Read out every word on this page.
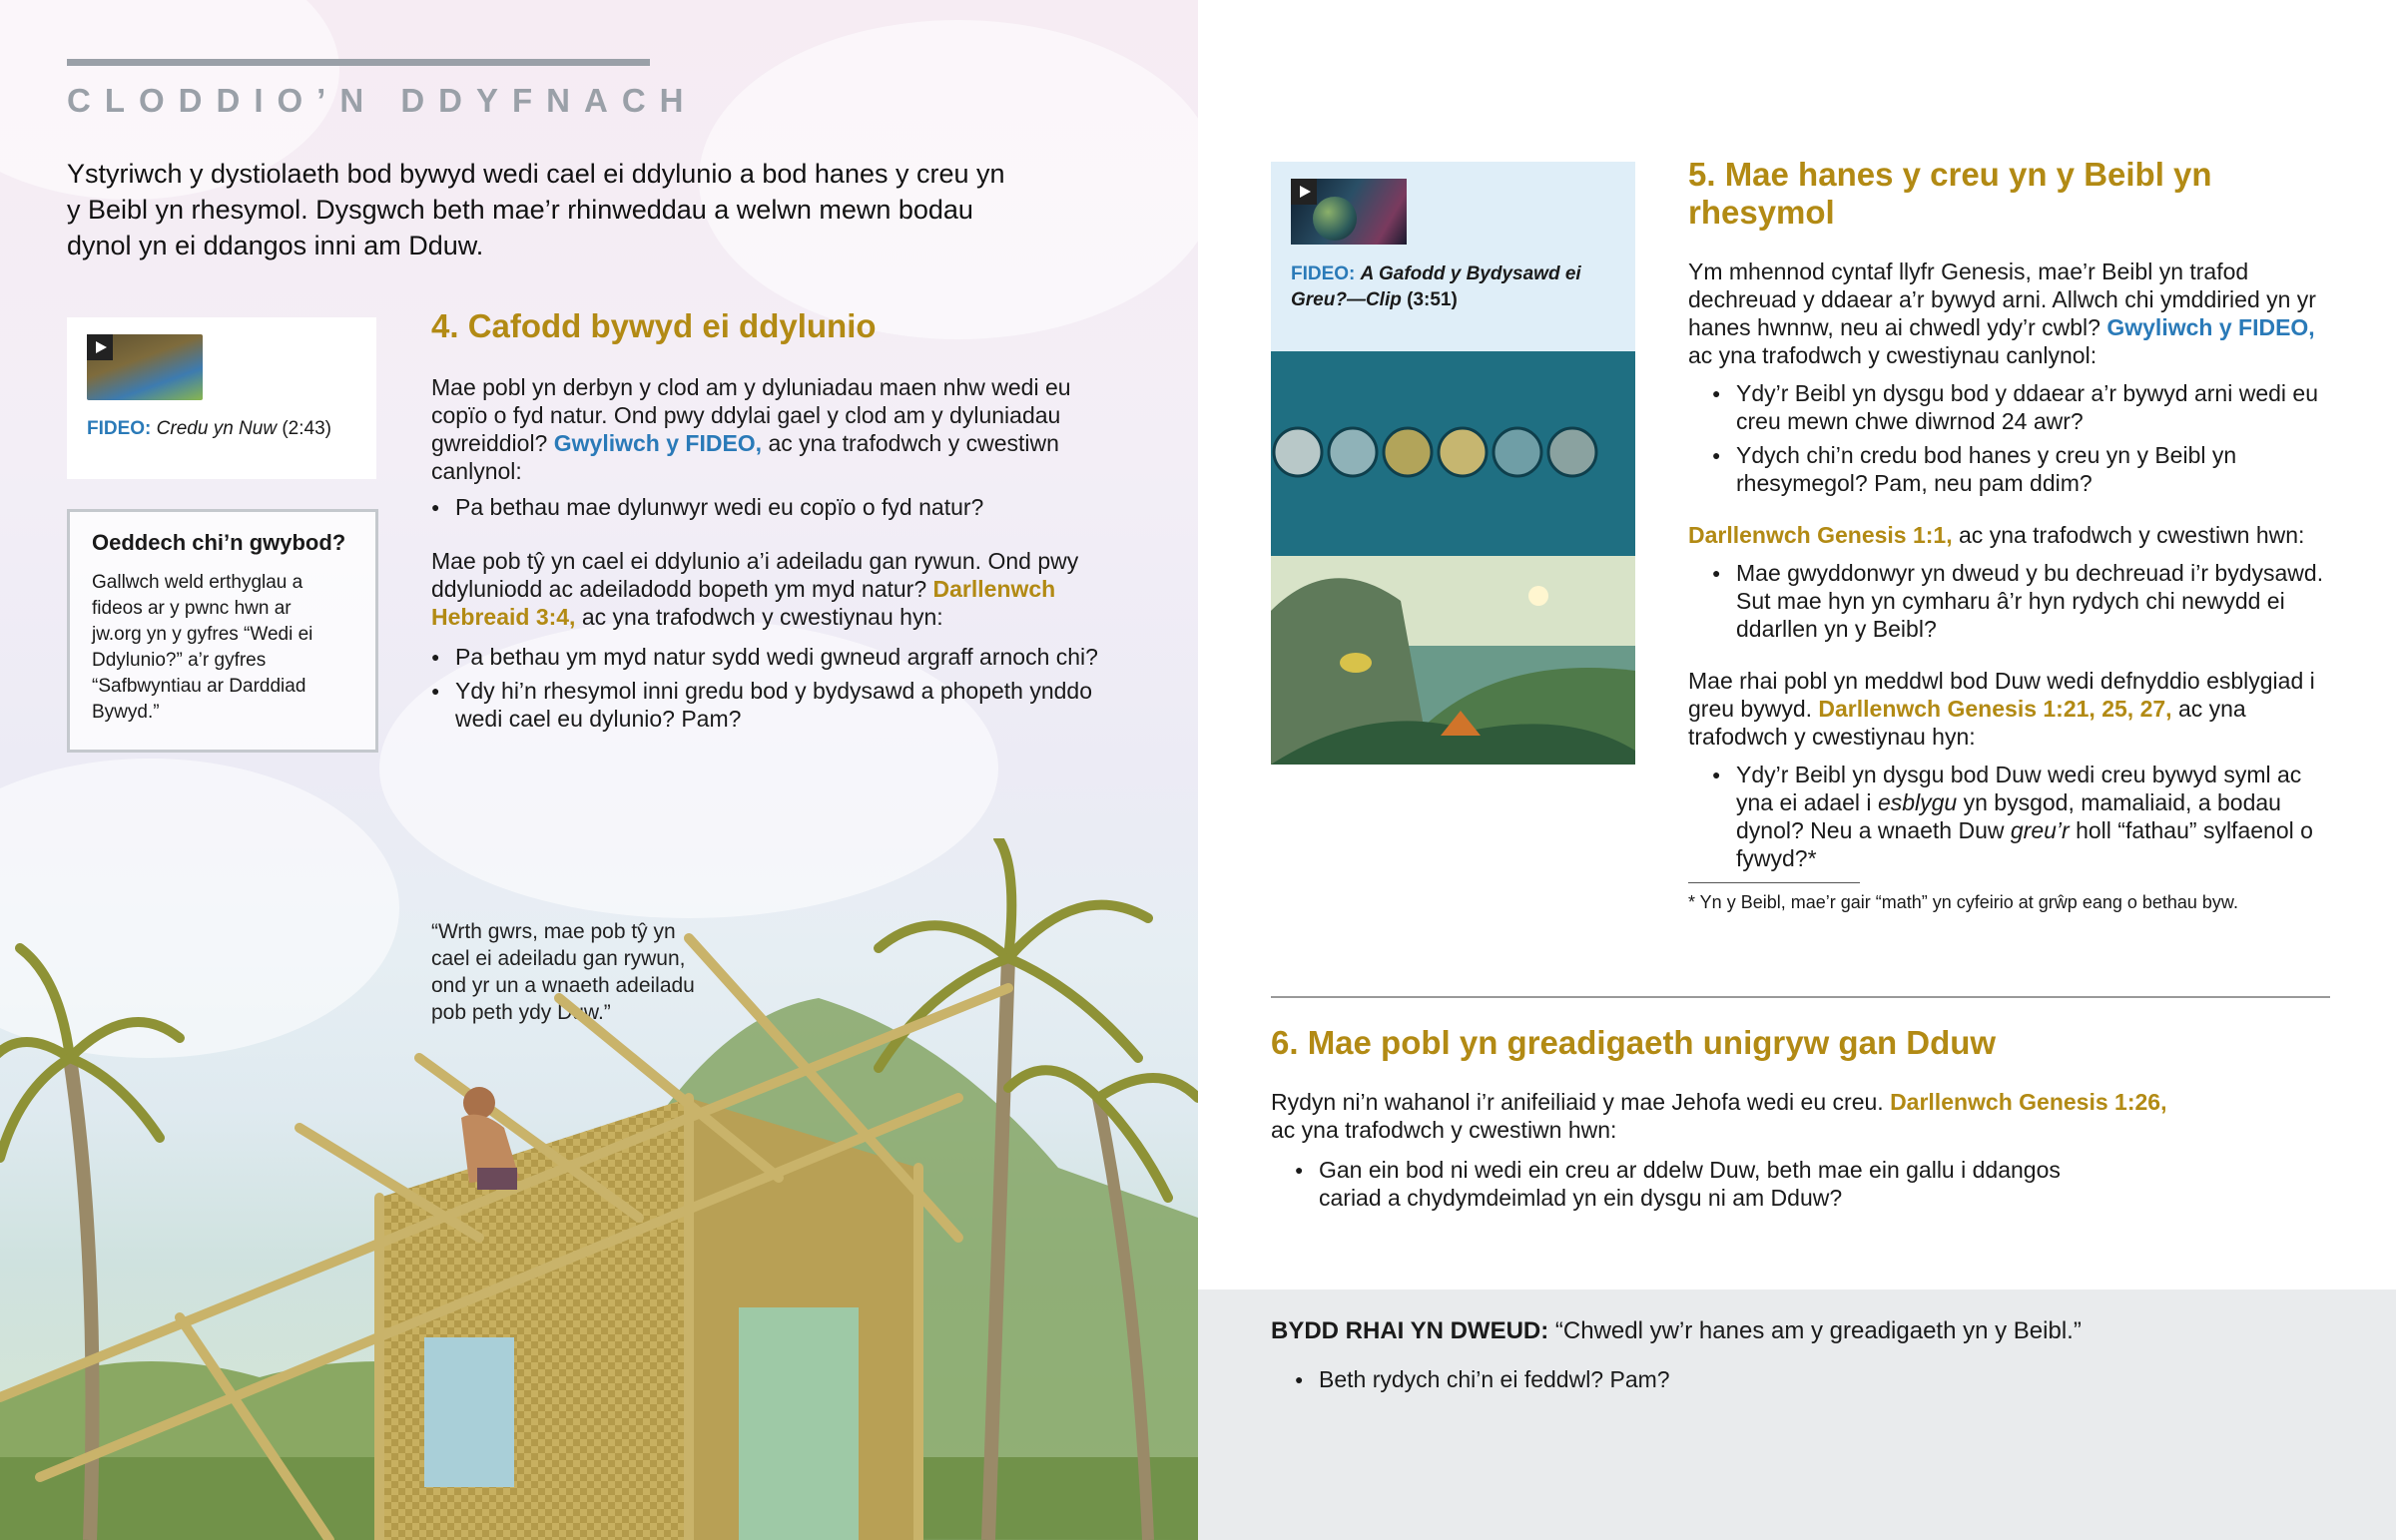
CLODDIO’N DDYFNACH
Ystyriwch y dystiolaeth bod bywyd wedi cael ei ddylunio a bod hanes y creu yn y Beibl yn rhesymol. Dysgwch beth mae’r rhinweddau a welwn mewn bodau dynol yn ei ddangos inni am Dduw.
FIDEO: Credu yn Nuw (2:43)
Oeddech chi’n gwybod?
Gallwch weld erthyglau a fideos ar y pwnc hwn ar jw.org yn y gyfres “Wedi ei Ddylunio?” a’r gyfres “Safbwyntiau ar Darddiad Bywyd.”
4. Cafodd bywyd ei ddylunio
Mae pobl yn derbyn y clod am y dyluniadau maen nhw wedi eu copïo o fyd natur. Ond pwy ddylai gael y clod am y dyluniadau gwreiddiol? Gwyliwch y FIDEO, ac yna trafodwch y cwestiwn canlynol:
● Pa bethau mae dylunwyr wedi eu copïo o fyd natur?
Mae pob tŷ yn cael ei ddylunio a’i adeiladu gan rywun. Ond pwy ddyluniodd ac adeiladodd bopeth ym myd natur? Darllenwch Hebreaid 3:4, ac yna trafodwch y cwestiynau hyn:
● Pa bethau ym myd natur sydd wedi gwneud argraff arnoch chi?
● Ydy hi’n rhesymol inni gredu bod y bydysawd a phopeth ynddo wedi cael eu dylunio? Pam?
“Wrth gwrs, mae pob tŷ yn cael ei adeiladu gan rywun, ond yr un a wnaeth adeiladu pob peth ydy Duw.”
FIDEO: A Gafodd y Bydysawd ei Greu?—Clip (3:51)
5. Mae hanes y creu yn y Beibl yn rhesymol
Ym mhennod cyntaf llyfr Genesis, mae’r Beibl yn trafod dechreuad y ddaear a’r bywyd arni. Allwch chi ymddiried yn yr hanes hwnnw, neu ai chwedl ydy’r cwbl? Gwyliwch y FIDEO, ac yna trafodwch y cwestiynau canlynol:
● Ydy’r Beibl yn dysgu bod y ddaear a’r bywyd arni wedi eu creu mewn chwe diwrnod 24 awr?
● Ydych chi’n credu bod hanes y creu yn y Beibl yn rhesymegol? Pam, neu pam ddim?
Darllenwch Genesis 1:1, ac yna trafodwch y cwestiwn hwn:
● Mae gwyddonwyr yn dweud y bu dechreuad i’r bydysawd. Sut mae hyn yn cymharu â’r hyn rydych chi newydd ei ddarllen yn y Beibl?
Mae rhai pobl yn meddwl bod Duw wedi defnyddio esblygiad i greu bywyd. Darllenwch Genesis 1:21, 25, 27, ac yna trafodwch y cwestiynau hyn:
● Ydy’r Beibl yn dysgu bod Duw wedi creu bywyd syml ac yna ei adael i esblygu yn bysgod, mamaliaid, a bodau dynol? Neu a wnaeth Duw greu’r holl “fathau” sylfaenol o fywyd?*
* Yn y Beibl, mae’r gair “math” yn cyfeirio at grŵp eang o bethau byw.
6. Mae pobl yn greadigaeth unigryw gan Dduw
Rydyn ni’n wahanol i’r anifeiliaid y mae Jehofa wedi eu creu. Darllenwch Genesis 1:26, ac yna trafodwch y cwestiwn hwn:
● Gan ein bod ni wedi ein creu ar ddelw Duw, beth mae ein gallu i ddangos cariad a chydymdeimlad yn ein dysgu ni am Dduw?
BYDD RHAI YN DWEUD: “Chwedl yw’r hanes am y greadigaeth yn y Beibl.”
● Beth rydych chi’n ei feddwl? Pam?
